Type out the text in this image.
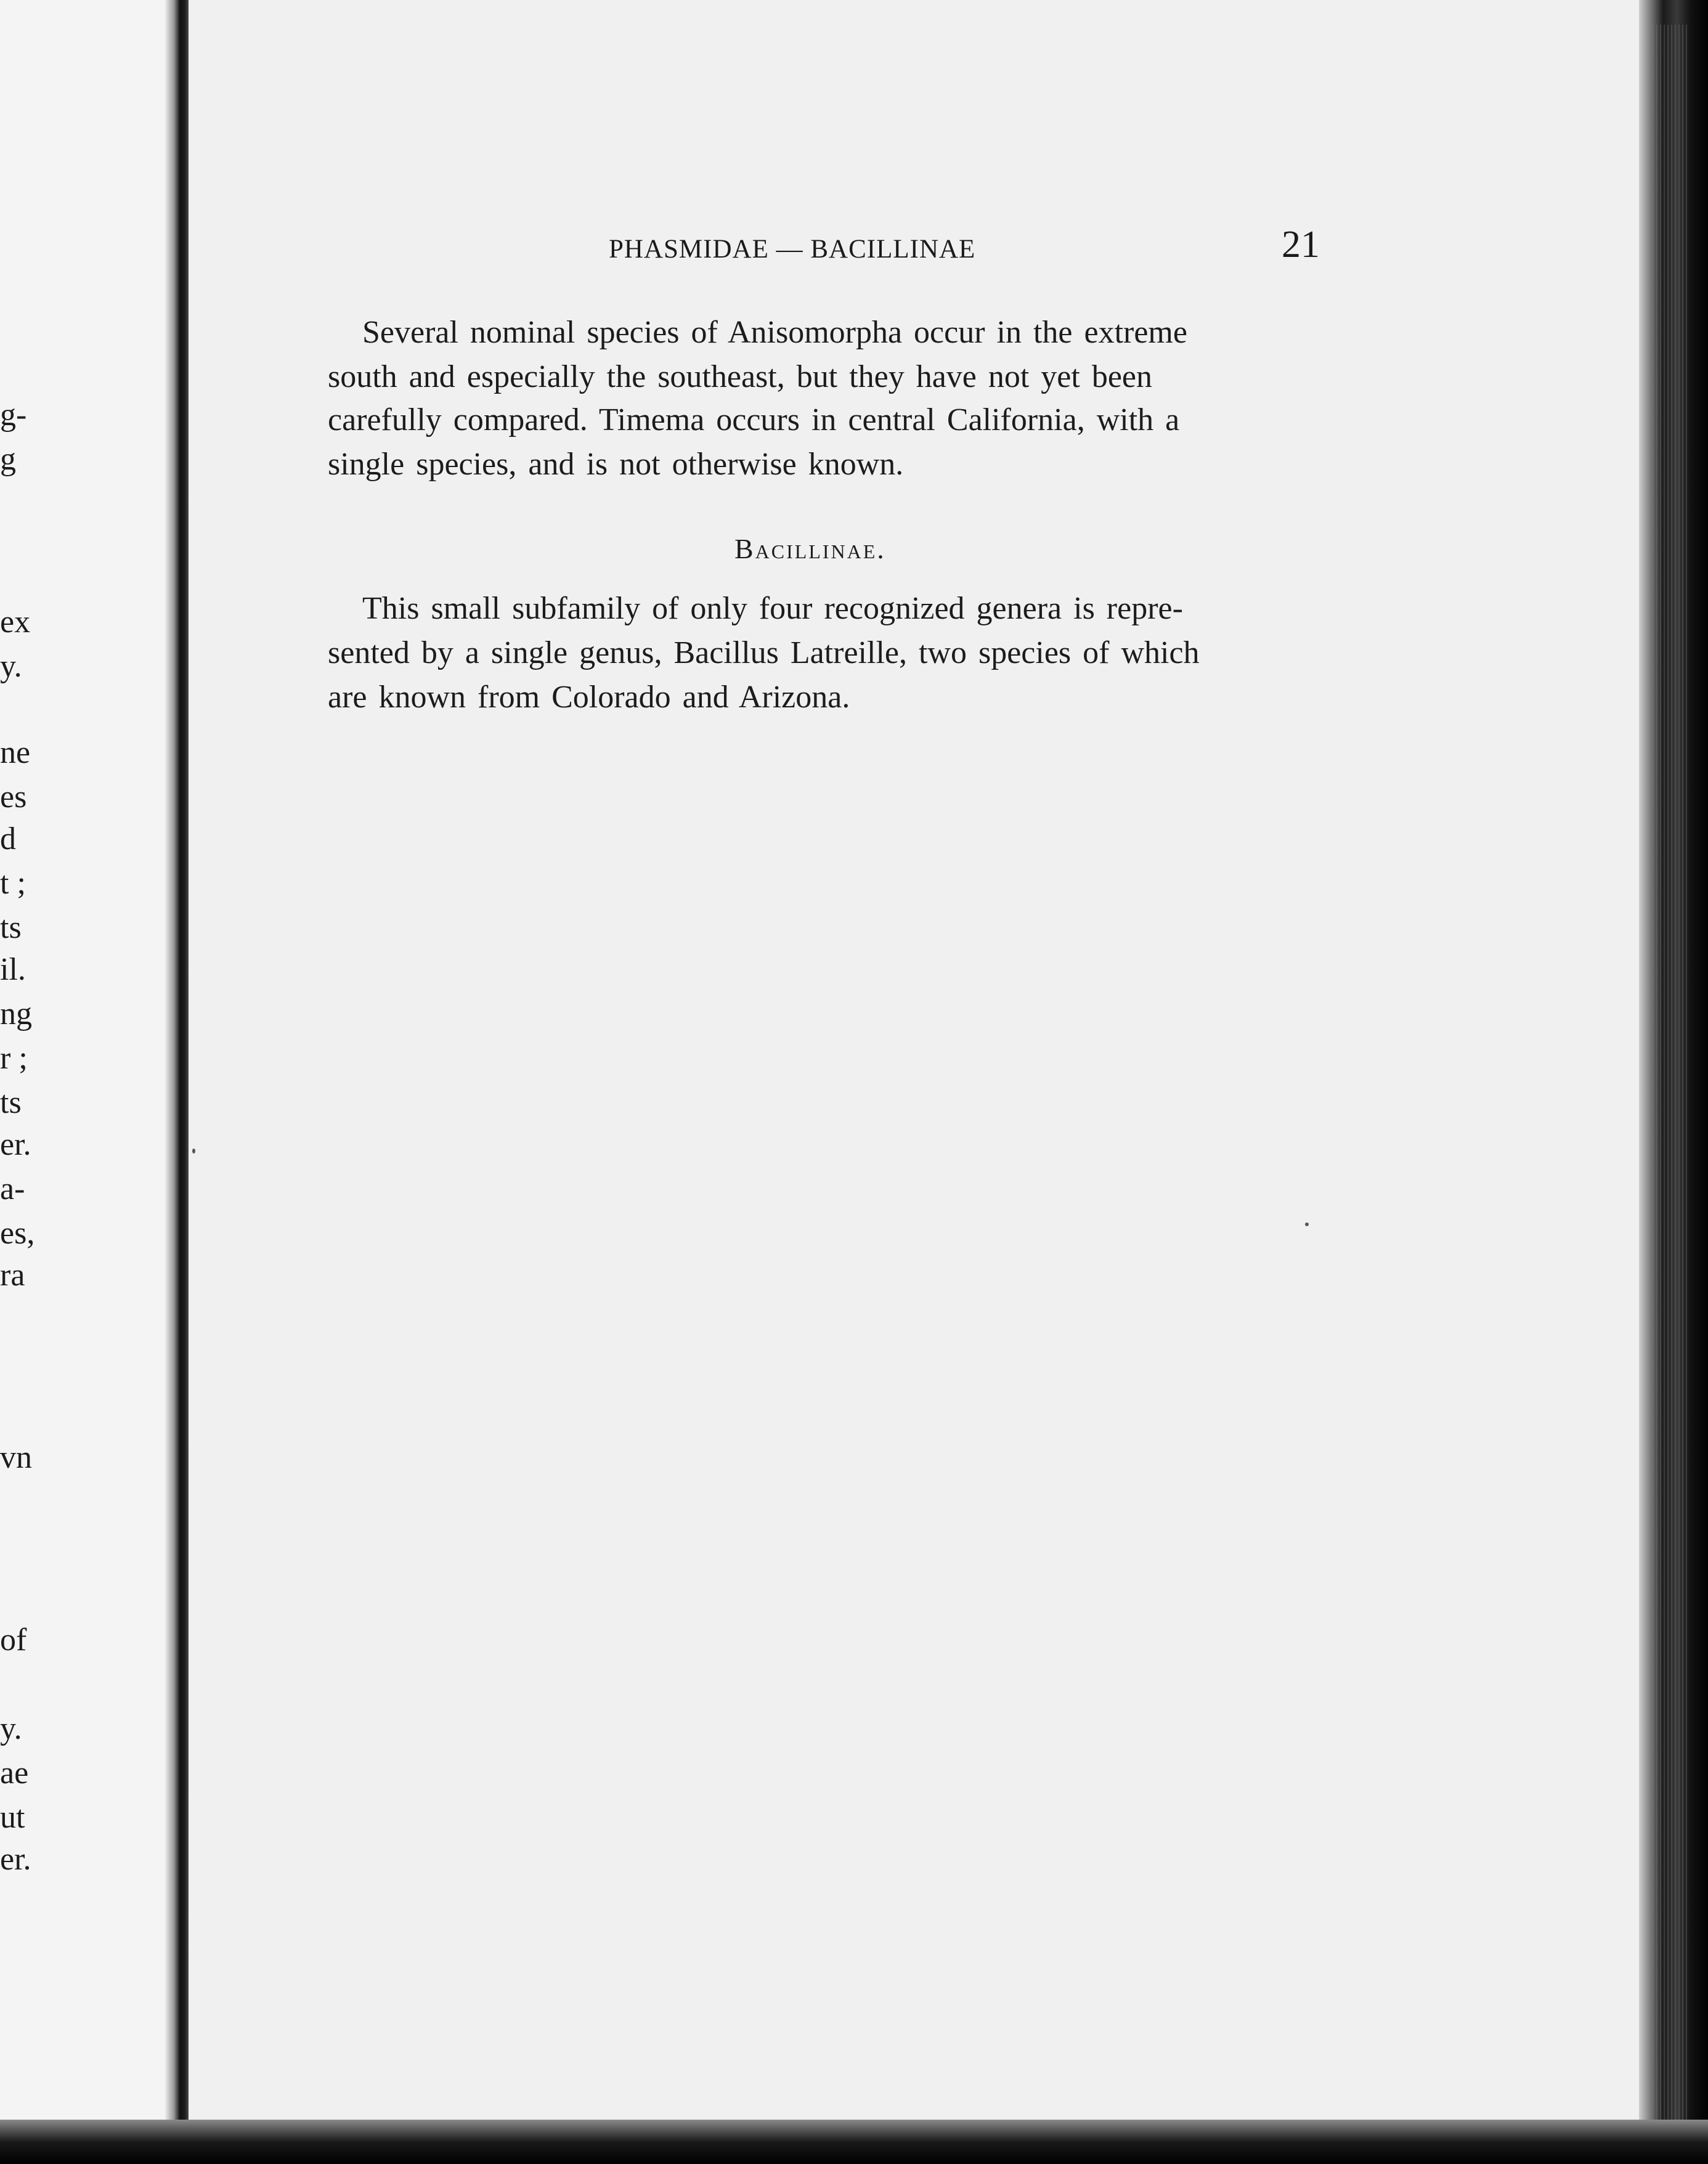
g-
g
ex
y.
ne
es
d
t ;
ts
il.
ng
r ;
ts
er.
a-
es,
ra
vn
of
y.
ae
ut
er.
PHASMIDAE — BACILLINAE	21
Several nominal species of Anisomorpha occur in the extreme
south and especially the southeast, but they have not yet been
carefully compared. Timema occurs in central California, with a
single species, and is not otherwise known.
Bacillinae.
This small subfamily of only four recognized genera is repre-
sented by a single genus, Bacillus Latreille, two species of which
are known from Colorado and Arizona.
